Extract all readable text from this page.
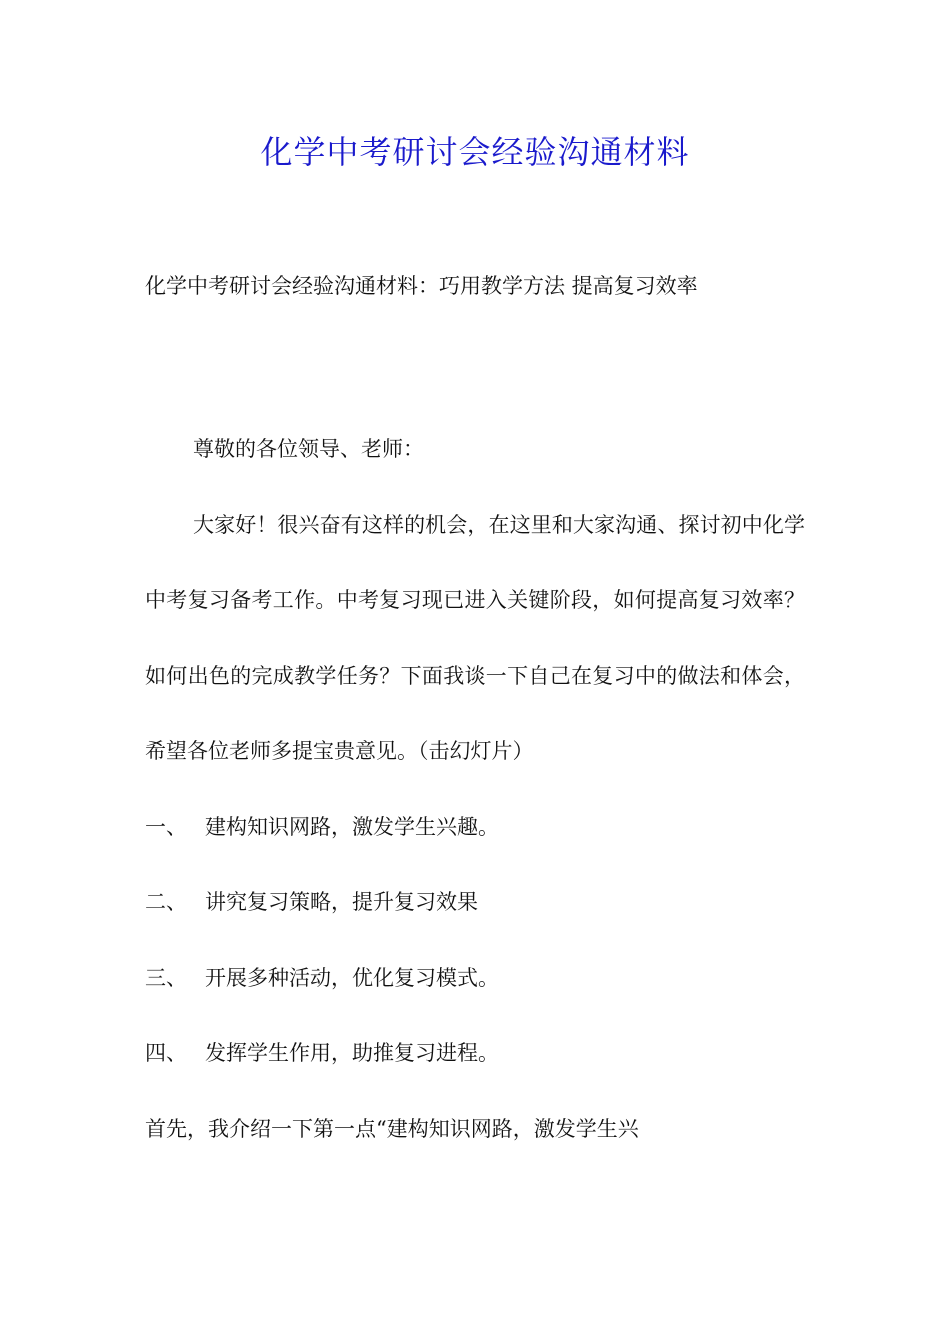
化学中考研讨会经验沟通材料

化学中考研讨会经验沟通材料：巧用教学方法 提高复习效率

尊敬的各位领导、老师：

大家好！很兴奋有这样的机会，在这里和大家沟通、探讨初中化学中考复习备考工作。中考复习现已进入关键阶段，如何提高复习效率？如何出色的完成教学任务？下面我谈一下自己在复习中的做法和体会，希望各位老师多提宝贵意见。（击幻灯片）

一、 建构知识网路，激发学生兴趣。

二、 讲究复习策略，提升复习效果

三、 开展多种活动，优化复习模式。

四、 发挥学生作用，助推复习进程。

首先，我介绍一下第一点“建构知识网路，激发学生兴
